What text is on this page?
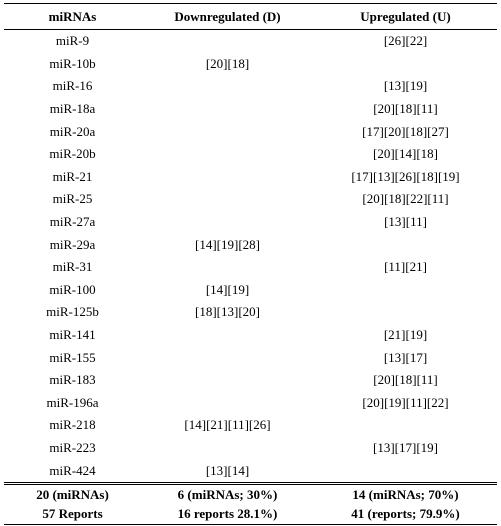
miRNAs	Downregulated (D)	Upregulated (U)
miR-9		[26][22]
miR-10b	[20][18]	
miR-16		[13][19]
miR-18a		[20][18][11]
miR-20a		[17][20][18][27]
miR-20b		[20][14][18]
miR-21		[17][13][26][18][19]
miR-25		[20][18][22][11]
miR-27a		[13][11]
miR-29a	[14][19][28]	
miR-31		[11][21]
miR-100	[14][19]	
miR-125b	[18][13][20]	
miR-141		[21][19]
miR-155		[13][17]
miR-183		[20][18][11]
miR-196a		[20][19][11][22]
miR-218	[14][21][11][26]	
miR-223		[13][17][19]
miR-424	[13][14]	
20 (miRNAs)	6 (miRNAs; 30%)	14 (miRNAs; 70%)
57 Reports	16 reports 28.1%)	41 (reports; 79.9%)
